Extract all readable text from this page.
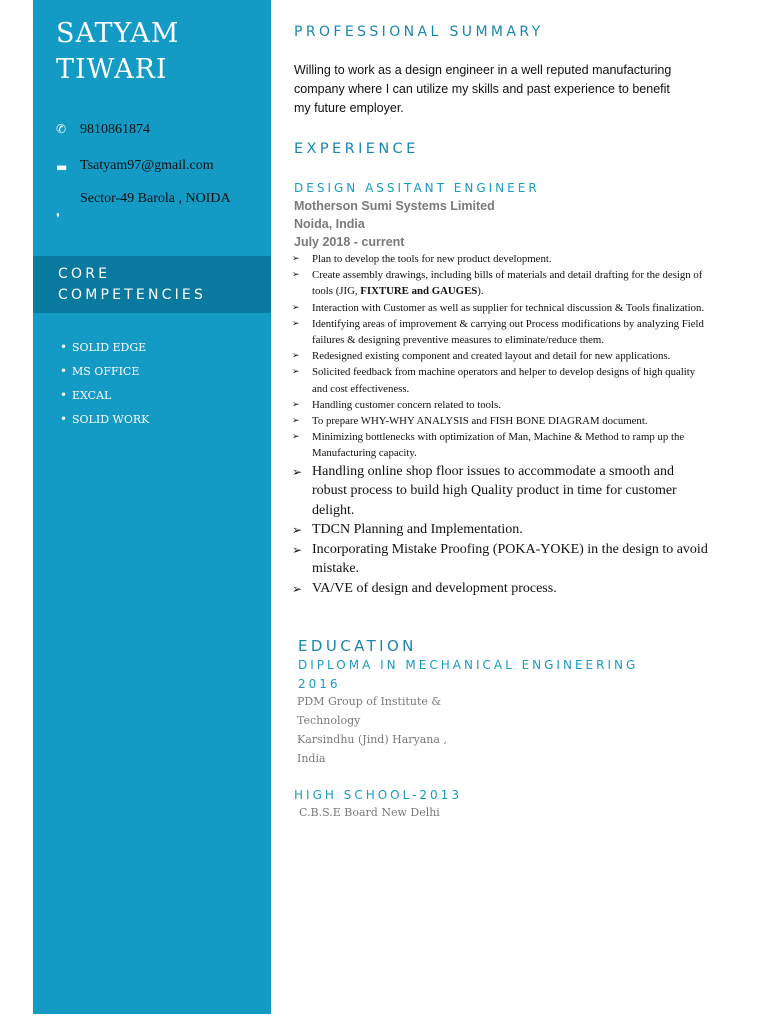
SATYAM
TIWARI
✆ 9810861874
▬ Tsatyam97@gmail.com
❜
Sector-49 Barola , NOIDA
CORE
COMPETENCIES
• SOLID EDGE
• MS OFFICE
• EXCAL
• SOLID WORK
PROFESSIONAL SUMMARY
Willing to work as a design engineer in a well reputed manufacturing company where I can utilize my skills and past experience to benefit my future employer.
EXPERIENCE
DESIGN ASSITANT ENGINEER
Motherson Sumi Systems Limited
Noida, India
July 2018 - current
➢ Plan to develop the tools for new product development.
➢ Create assembly drawings, including bills of materials and detail drafting for the design of tools (JIG, FIXTURE and GAUGES).
➢ Interaction with Customer as well as supplier for technical discussion & Tools finalization.
➢ Identifying areas of improvement & carrying out Process modifications by analyzing Field failures & designing preventive measures to eliminate/reduce them.
➢ Redesigned existing component and created layout and detail for new applications.
➢ Solicited feedback from machine operators and helper to develop designs of high quality and cost effectiveness.
➢ Handling customer concern related to tools.
➢ To prepare WHY-WHY ANALYSIS and FISH BONE DIAGRAM document.
➢ Minimizing bottlenecks with optimization of Man, Machine & Method to ramp up the Manufacturing capacity.
➢ Handling online shop floor issues to accommodate a smooth and robust process to build high Quality product in time for customer delight.
➢ TDCN Planning and Implementation.
➢ Incorporating Mistake Proofing (POKA-YOKE) in the design to avoid mistake.
➢ VA/VE of design and development process.
EDUCATION
DIPLOMA IN MECHANICAL ENGINEERING
2016
PDM Group of Institute &
Technology
Karsindhu (Jind) Haryana ,
India
HIGH SCHOOL-2013
C.B.S.E Board New Delhi
